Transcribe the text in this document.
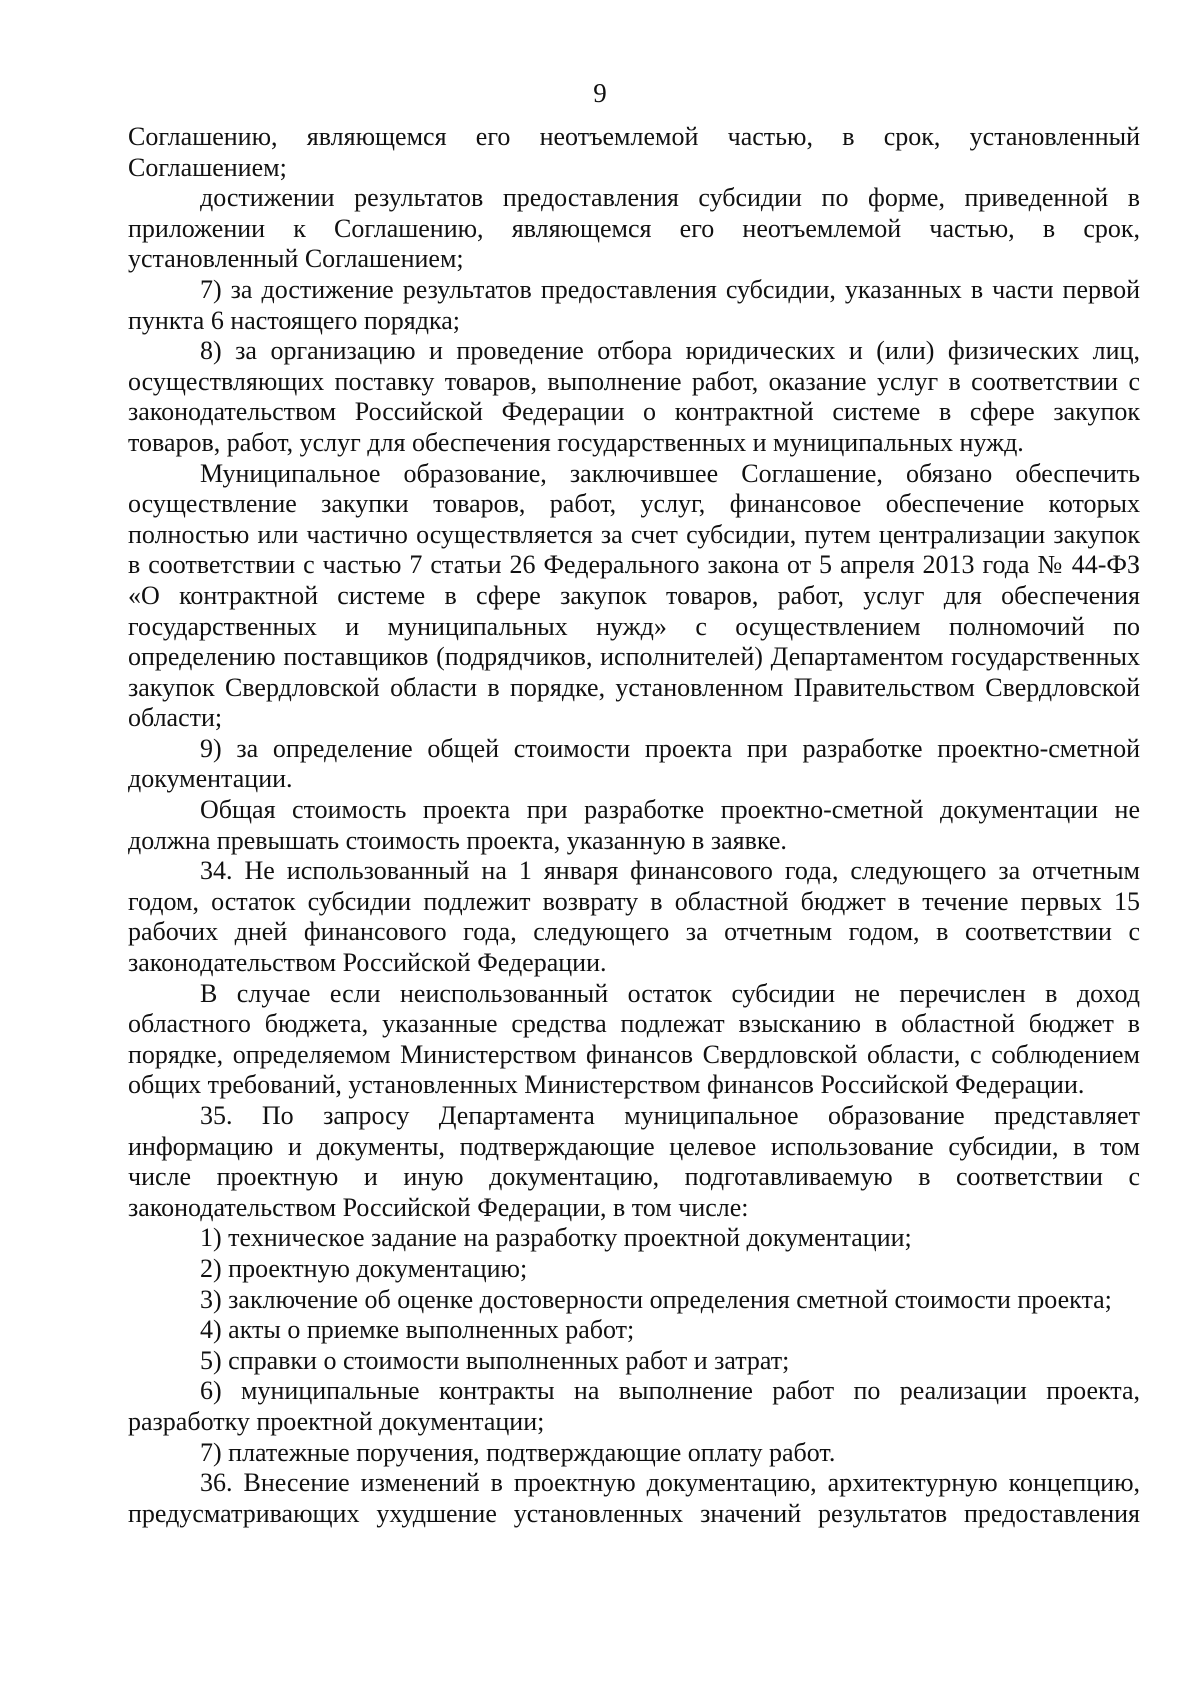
9

Соглашению, являющемся его неотъемлемой частью, в срок, установленный Соглашением;

достижении результатов предоставления субсидии по форме, приведенной в приложении к Соглашению, являющемся его неотъемлемой частью, в срок, установленный Соглашением;

7) за достижение результатов предоставления субсидии, указанных в части первой пункта 6 настоящего порядка;

8) за организацию и проведение отбора юридических и (или) физических лиц, осуществляющих поставку товаров, выполнение работ, оказание услуг в соответствии с законодательством Российской Федерации о контрактной системе в сфере закупок товаров, работ, услуг для обеспечения государственных и муниципальных нужд.

Муниципальное образование, заключившее Соглашение, обязано обеспечить осуществление закупки товаров, работ, услуг, финансовое обеспечение которых полностью или частично осуществляется за счет субсидии, путем централизации закупок в соответствии с частью 7 статьи 26 Федерального закона от 5 апреля 2013 года № 44-ФЗ «О контрактной системе в сфере закупок товаров, работ, услуг для обеспечения государственных и муниципальных нужд» с осуществлением полномочий по определению поставщиков (подрядчиков, исполнителей) Департаментом государственных закупок Свердловской области в порядке, установленном Правительством Свердловской области;

9) за определение общей стоимости проекта при разработке проектно-сметной документации.

Общая стоимость проекта при разработке проектно-сметной документации не должна превышать стоимость проекта, указанную в заявке.

34. Не использованный на 1 января финансового года, следующего за отчетным годом, остаток субсидии подлежит возврату в областной бюджет в течение первых 15 рабочих дней финансового года, следующего за отчетным годом, в соответствии с законодательством Российской Федерации.

В случае если неиспользованный остаток субсидии не перечислен в доход областного бюджета, указанные средства подлежат взысканию в областной бюджет в порядке, определяемом Министерством финансов Свердловской области, с соблюдением общих требований, установленных Министерством финансов Российской Федерации.

35. По запросу Департамента муниципальное образование представляет информацию и документы, подтверждающие целевое использование субсидии, в том числе проектную и иную документацию, подготавливаемую в соответствии с законодательством Российской Федерации, в том числе:

1) техническое задание на разработку проектной документации;

2) проектную документацию;

3) заключение об оценке достоверности определения сметной стоимости проекта;

4) акты о приемке выполненных работ;

5) справки о стоимости выполненных работ и затрат;

6) муниципальные контракты на выполнение работ по реализации проекта, разработку проектной документации;

7) платежные поручения, подтверждающие оплату работ.

36. Внесение изменений в проектную документацию, архитектурную концепцию, предусматривающих ухудшение установленных значений результатов предоставления
